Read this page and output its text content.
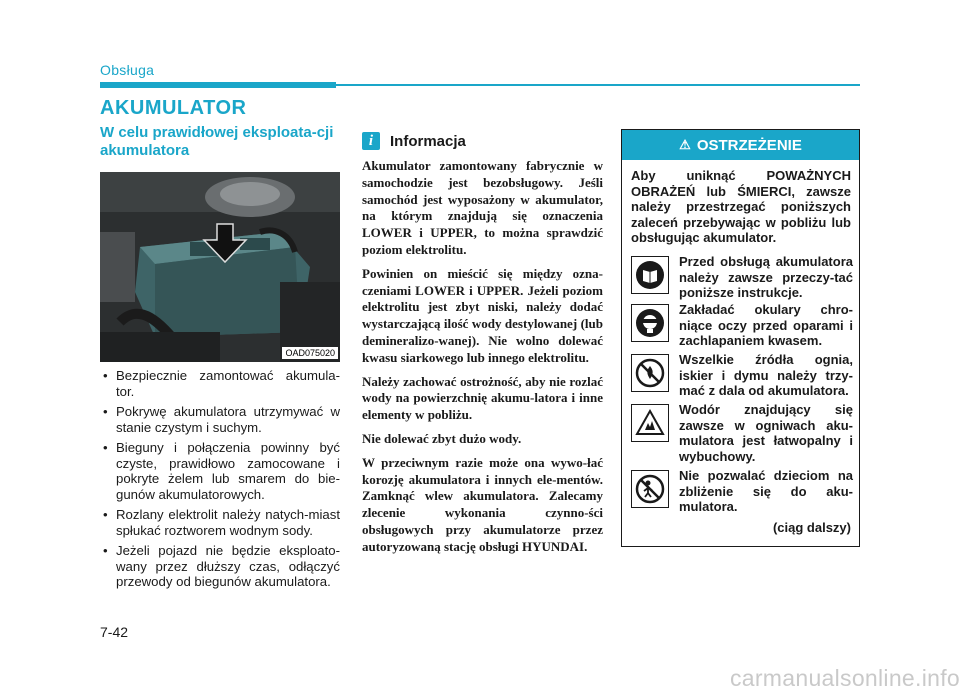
Obsługa
AKUMULATOR
W celu prawidłowej eksploata-cji akumulatora
OAD075020
• Bezpiecznie zamontować akumula-tor.
• Pokrywę akumulatora utrzymywać w stanie czystym i suchym.
• Bieguny i połączenia powinny być czyste, prawidłowo zamocowane i pokryte żelem lub smarem do bie-gunów akumulatorowych.
• Rozlany elektrolit należy natych-miast spłukać roztworem wodnym sody.
• Jeżeli pojazd nie będzie eksploato-wany przez dłuższy czas, odłączyć przewody od biegunów akumulatora.
i	Informacja

Akumulator zamontowany fabrycznie w samochodzie jest bezobsługowy. Jeśli samochód jest wyposażony w akumulator, na którym znajdują się oznaczenia LOWER i UPPER, to można sprawdzić poziom elektrolitu.

Powinien on mieścić się między ozna-czeniami LOWER i UPPER. Jeżeli poziom elektrolitu jest zbyt niski, należy dodać wystarczającą ilość wody destylowanej (lub demineralizo-wanej). Nie wolno dolewać kwasu siarkowego lub innego elektrolitu.

Należy zachować ostrożność, aby nie rozlać wody na powierzchnię akumu-latora i inne elementy w pobliżu.

Nie dolewać zbyt dużo wody.

W przeciwnym razie może ona wywo-łać korozję akumulatora i innych ele-mentów. Zamknąć wlew akumulatora. Zalecamy zlecenie wykonania czynno-ści obsługowych przy akumulatorze przez autoryzowaną stację obsługi HYUNDAI.

⚠ OSTRZEŻENIE
Aby uniknąć POWAŻNYCH OBRAŻEŃ lub ŚMIERCI, zawsze należy przestrzegać poniższych zaleceń przebywając w pobliżu lub obsługując akumulator.
Przed obsługą akumulatora należy zawsze przeczy-tać poniższe instrukcje.
Zakładać okulary chro-niące oczy przed oparami i zachlapaniem kwasem.
Wszelkie źródła ognia, iskier i dymu należy trzy-mać z dala od akumulatora.
Wodór znajdujący się zawsze w ogniwach aku-mulatora jest łatwopalny i wybuchowy.
Nie pozwalać dzieciom na zbliżenie się do aku-mulatora.
(ciąg dalszy)
7-42
carmanualsonline.info
